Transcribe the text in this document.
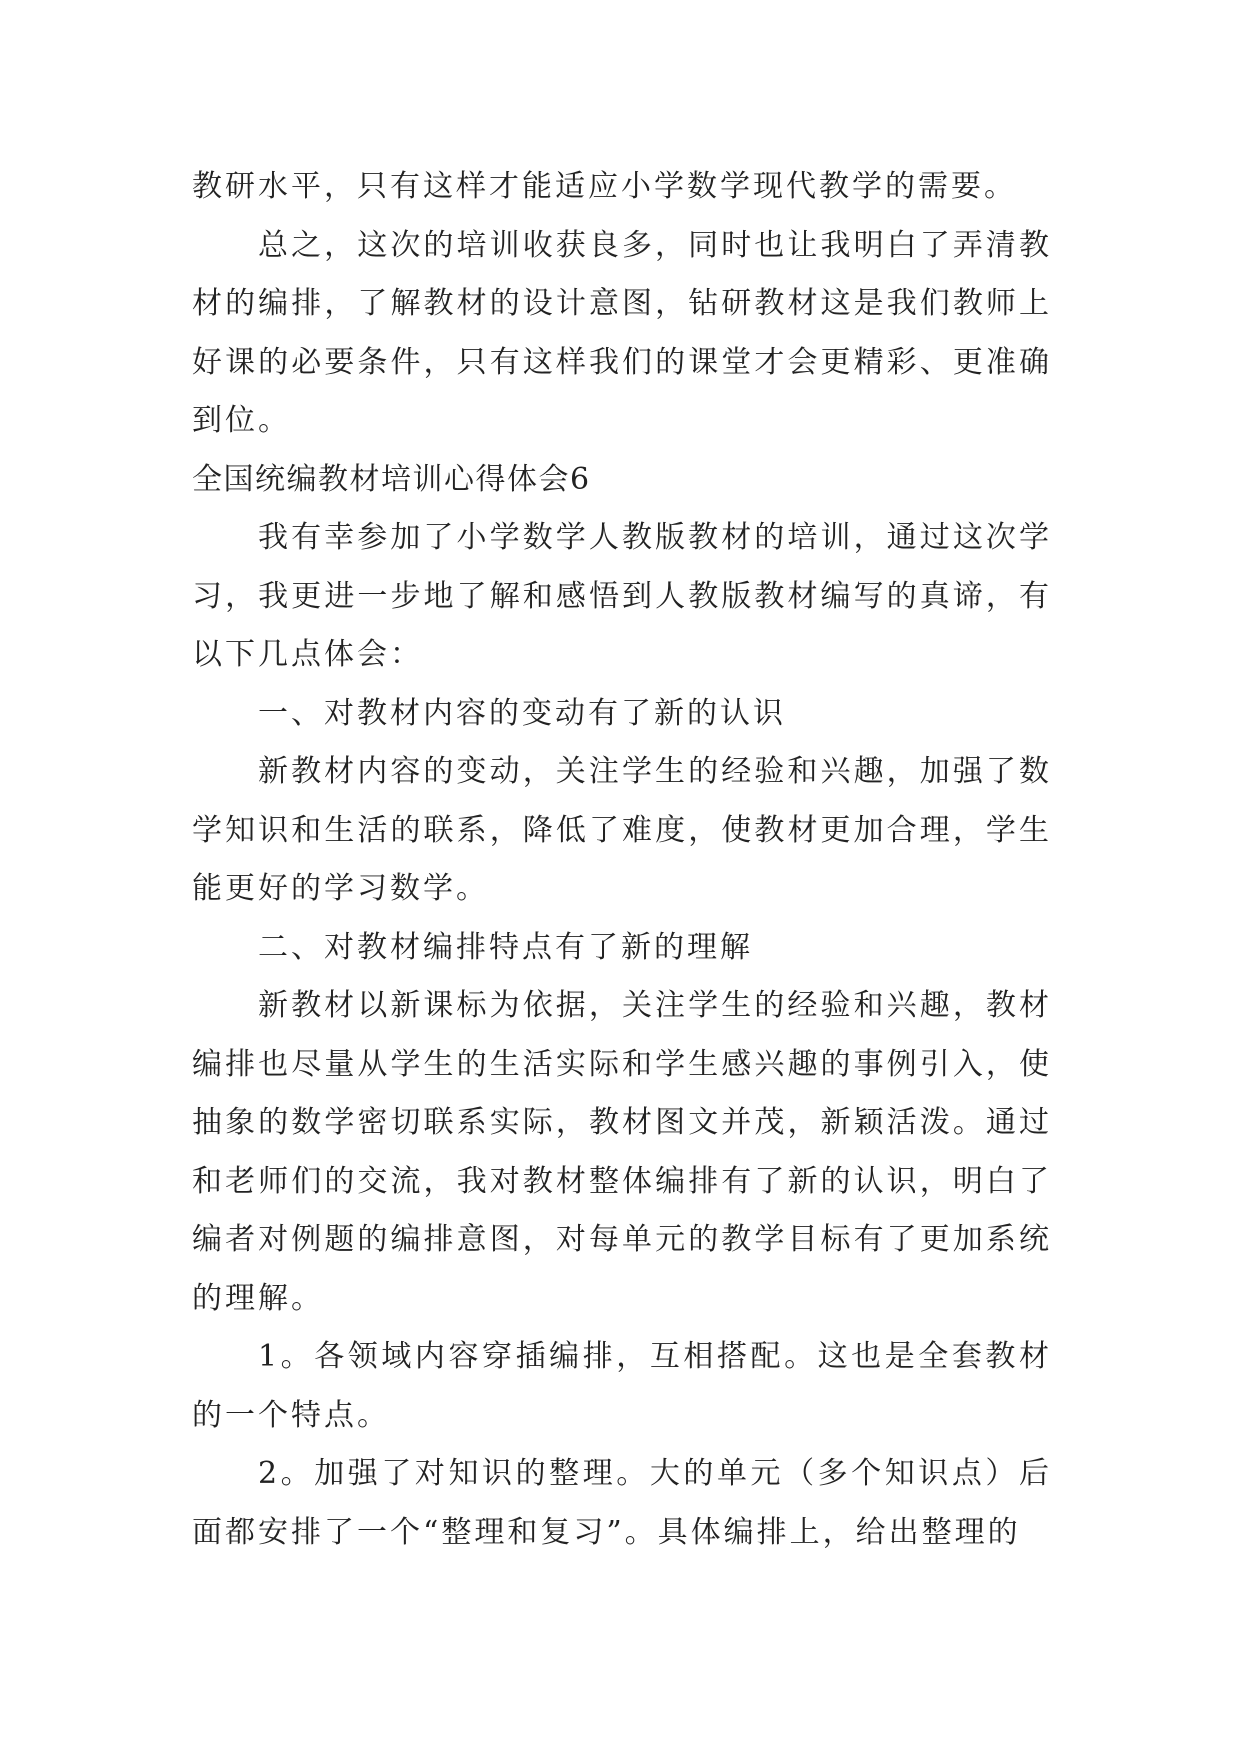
教研水平，只有这样才能适应小学数学现代教学的需要。

总之，这次的培训收获良多，同时也让我明白了弄清教材的编排，了解教材的设计意图，钻研教材这是我们教师上好课的必要条件，只有这样我们的课堂才会更精彩、更准确到位。

全国统编教材培训心得体会6

我有幸参加了小学数学人教版教材的培训，通过这次学习，我更进一步地了解和感悟到人教版教材编写的真谛，有以下几点体会：

一、对教材内容的变动有了新的认识

新教材内容的变动，关注学生的经验和兴趣，加强了数学知识和生活的联系，降低了难度，使教材更加合理，学生能更好的学习数学。

二、对教材编排特点有了新的理解

新教材以新课标为依据，关注学生的经验和兴趣，教材编排也尽量从学生的生活实际和学生感兴趣的事例引入，使抽象的数学密切联系实际，教材图文并茂，新颖活泼。通过和老师们的交流，我对教材整体编排有了新的认识，明白了编者对例题的编排意图，对每单元的教学目标有了更加系统的理解。

1。各领域内容穿插编排，互相搭配。这也是全套教材的一个特点。

2。加强了对知识的整理。大的单元（多个知识点）后面都安排了一个“整理和复习”。具体编排上，给出整理的
